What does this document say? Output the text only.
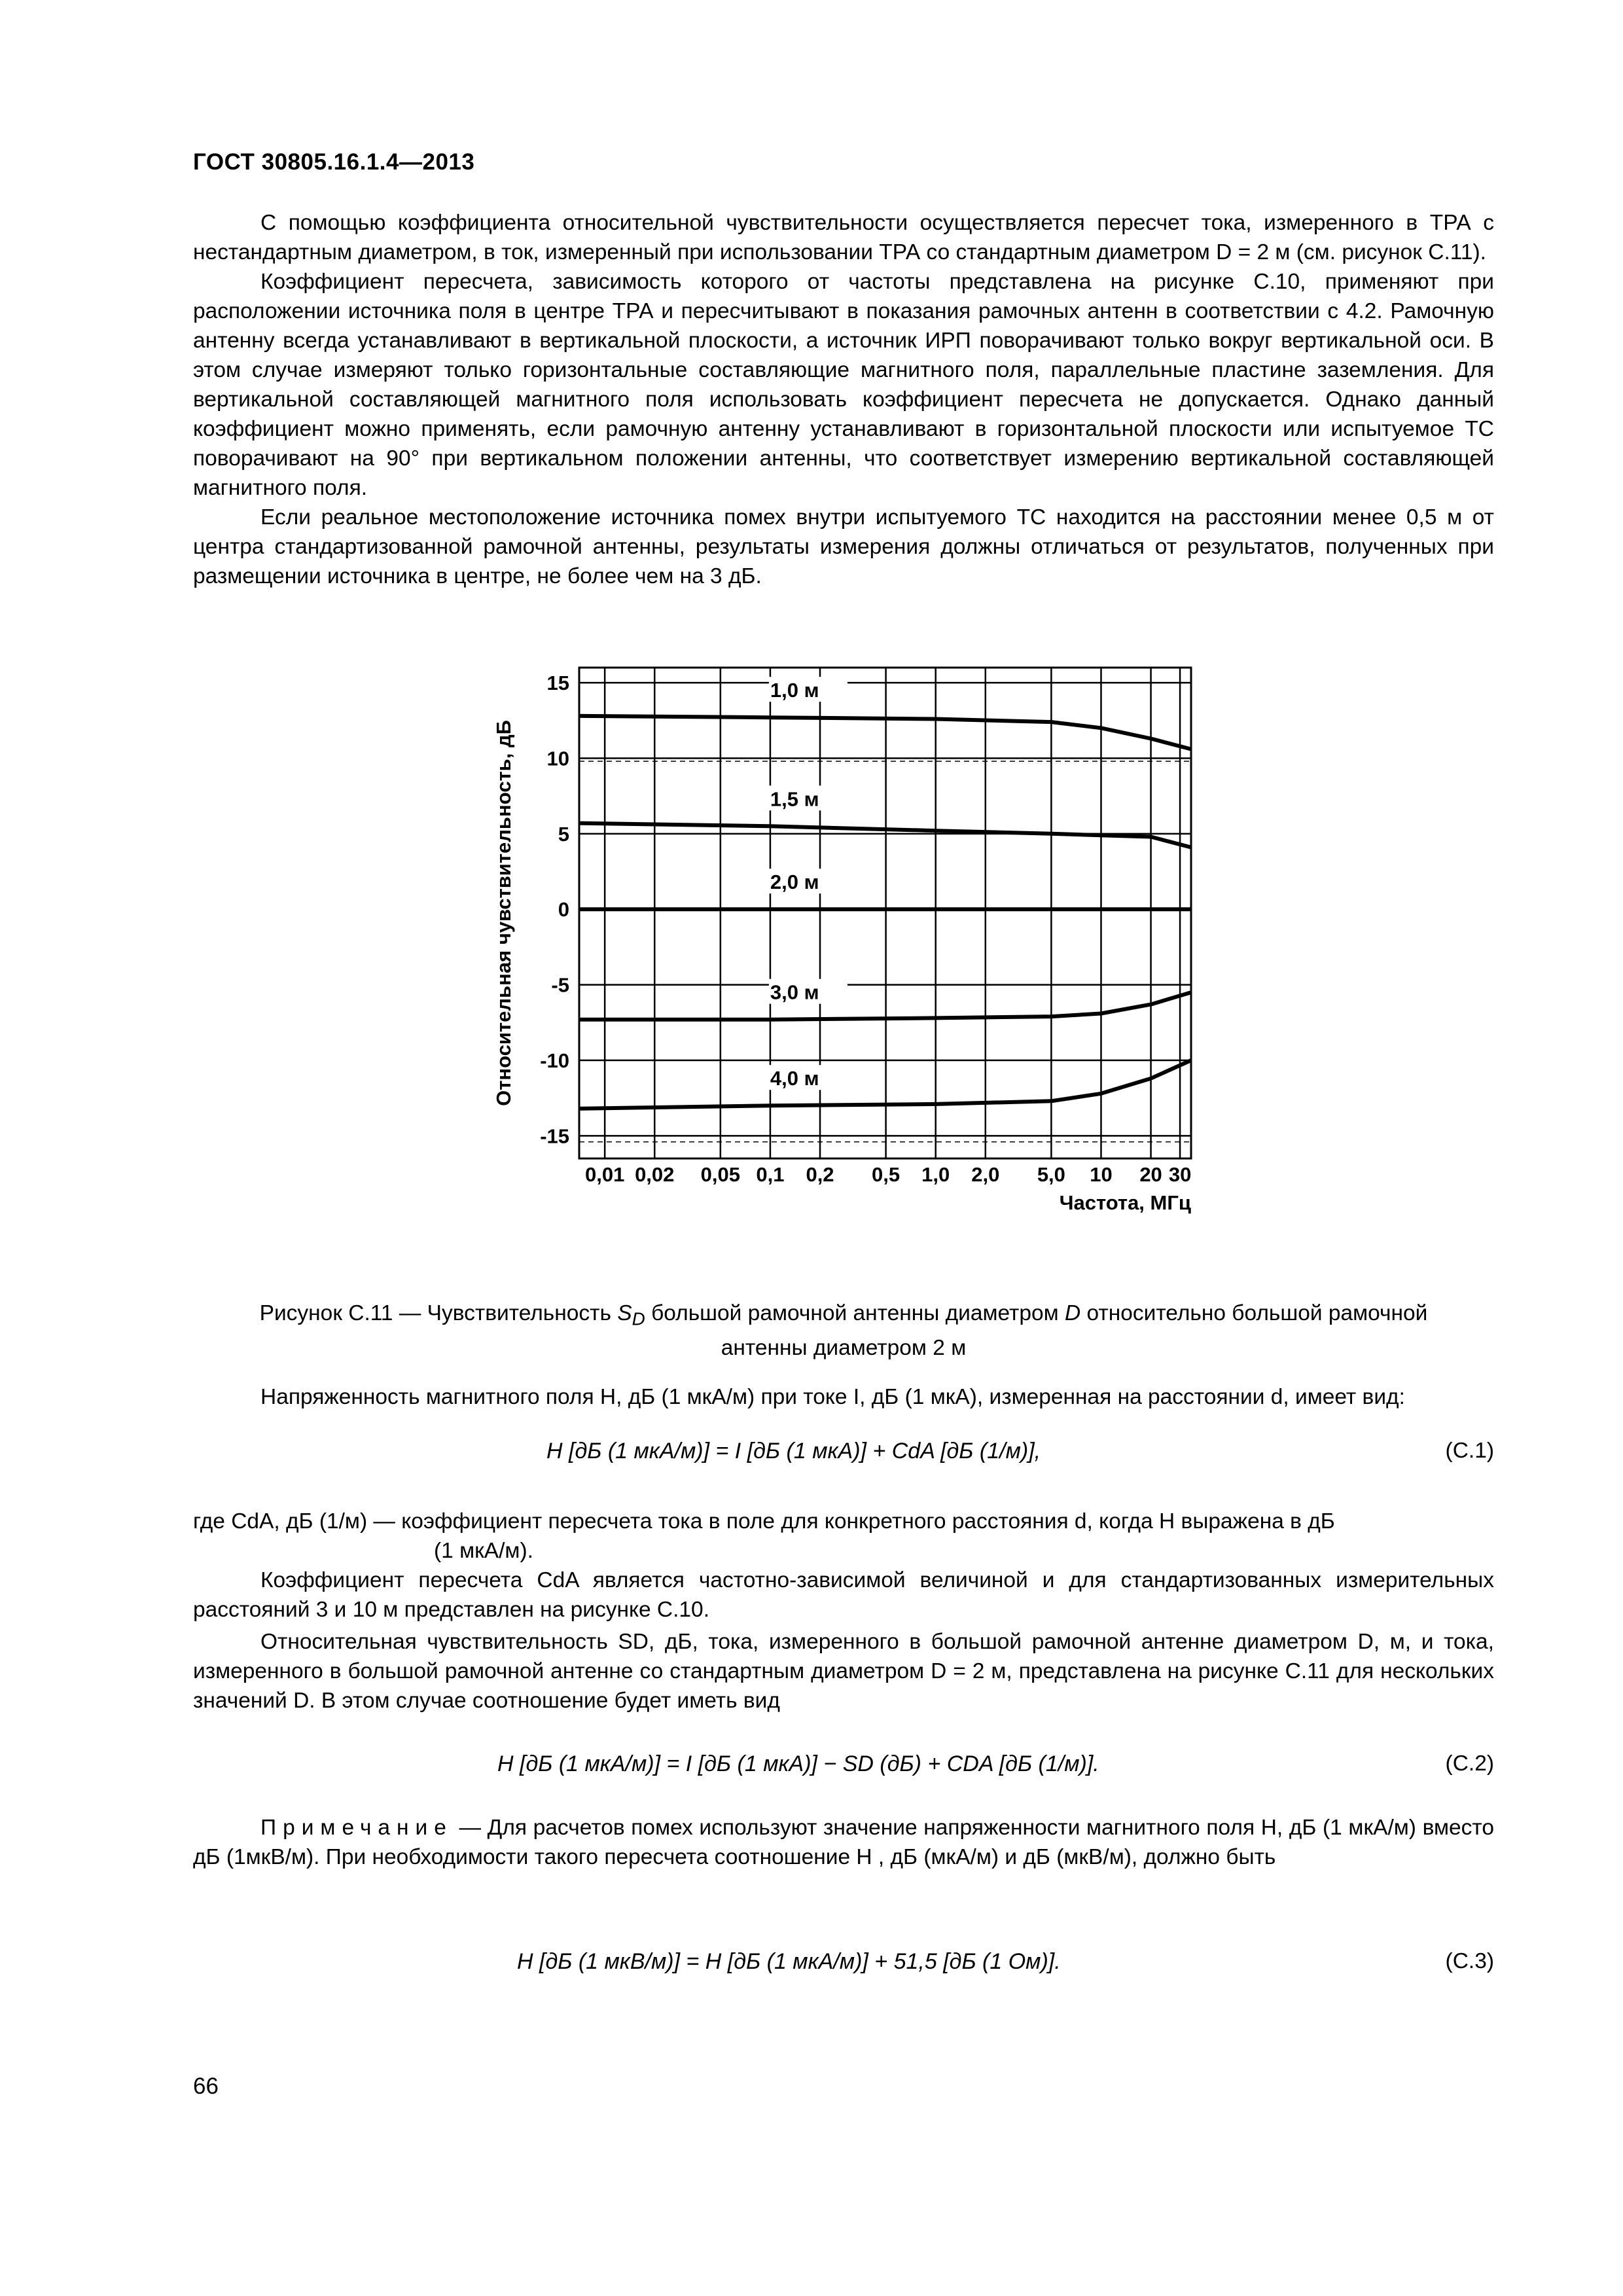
ГОСТ 30805.16.1.4—2013

С помощью коэффициента относительной чувствительности осуществляется пересчет тока, измеренного в ТРА с нестандартным диаметром, в ток, измеренный при использовании ТРА со стандартным диаметром D = 2 м (см. рисунок С.11).

Коэффициент пересчета, зависимость которого от частоты представлена на рисунке С.10, применяют при расположении источника поля в центре ТРА и пересчитывают в показания рамочных антенн в соответствии с 4.2. Рамочную антенну всегда устанавливают в вертикальной плоскости, а источник ИРП поворачивают только вокруг вертикальной оси. В этом случае измеряют только горизонтальные составляющие магнитного поля, параллельные пластине заземления. Для вертикальной составляющей магнитного поля использовать коэффициент пересчета не допускается. Однако данный коэффициент можно применять, если рамочную антенну устанавливают в горизонтальной плоскости или испытуемое ТС поворачивают на 90° при вертикальном положении антенны, что соответствует измерению вертикальной составляющей магнитного поля.

Если реальное местоположение источника помех внутри испытуемого ТС находится на расстоянии менее 0,5 м от центра стандартизованной рамочной антенны, результаты измерения должны отличаться от результатов, полученных при размещении источника в центре, не более чем на 3 дБ.

0,01 0,02 0,05 0,1 0,2 0,5 1,0 2,0 5,0 10 20 30
15
10
5
0
-5
-10
-15
Частота, МГц
Относительная чувствительность, дБ
1,0 м
1,5 м
2,0 м
3,0 м
4,0 м
Рисунок С.11 — Чувствительность $S_D$ большой рамочной антенны диаметром D относительно большой рамочной
антенны диаметром 2 м

Напряженность магнитного поля H, дБ (1 мкА/м) при токе I, дБ (1 мкА), измеренная на расстоянии d, имеет вид:

H [дБ (1 мкА/м)] = I [дБ (1 мкА)] + CdA [дБ (1/м)],	(С.1)
где CdA, дБ (1/м) — коэффициент пересчета тока в поле для конкретного расстояния d, когда H выражена в дБ
(1 мкА/м).

Коэффициент пересчета CdA является частотно-зависимой величиной и для стандартизованных измерительных расстояний 3 и 10 м представлен на рисунке С.10.

Относительная чувствительность SD, дБ, тока, измеренного в большой рамочной антенне диаметром D, м, и тока, измеренного в большой рамочной антенне со стандартным диаметром D = 2 м, представлена на рисунке С.11 для нескольких значений D. В этом случае соотношение будет иметь вид

H [дБ (1 мкА/м)] = I [дБ (1 мкА)] − SD (дБ) + CDA [дБ (1/м)].	(С.2)

Примечание — Для расчетов помех используют значение напряженности магнитного поля H, дБ (1 мкА/м) вместо дБ (1мкВ/м). При необходимости такого пересчета соотношение H , дБ (мкА/м) и дБ (мкВ/м), должно быть

H [дБ (1 мкВ/м)] = H [дБ (1 мкА/м)] + 51,5 [дБ (1 Ом)].	(С.3)
66
